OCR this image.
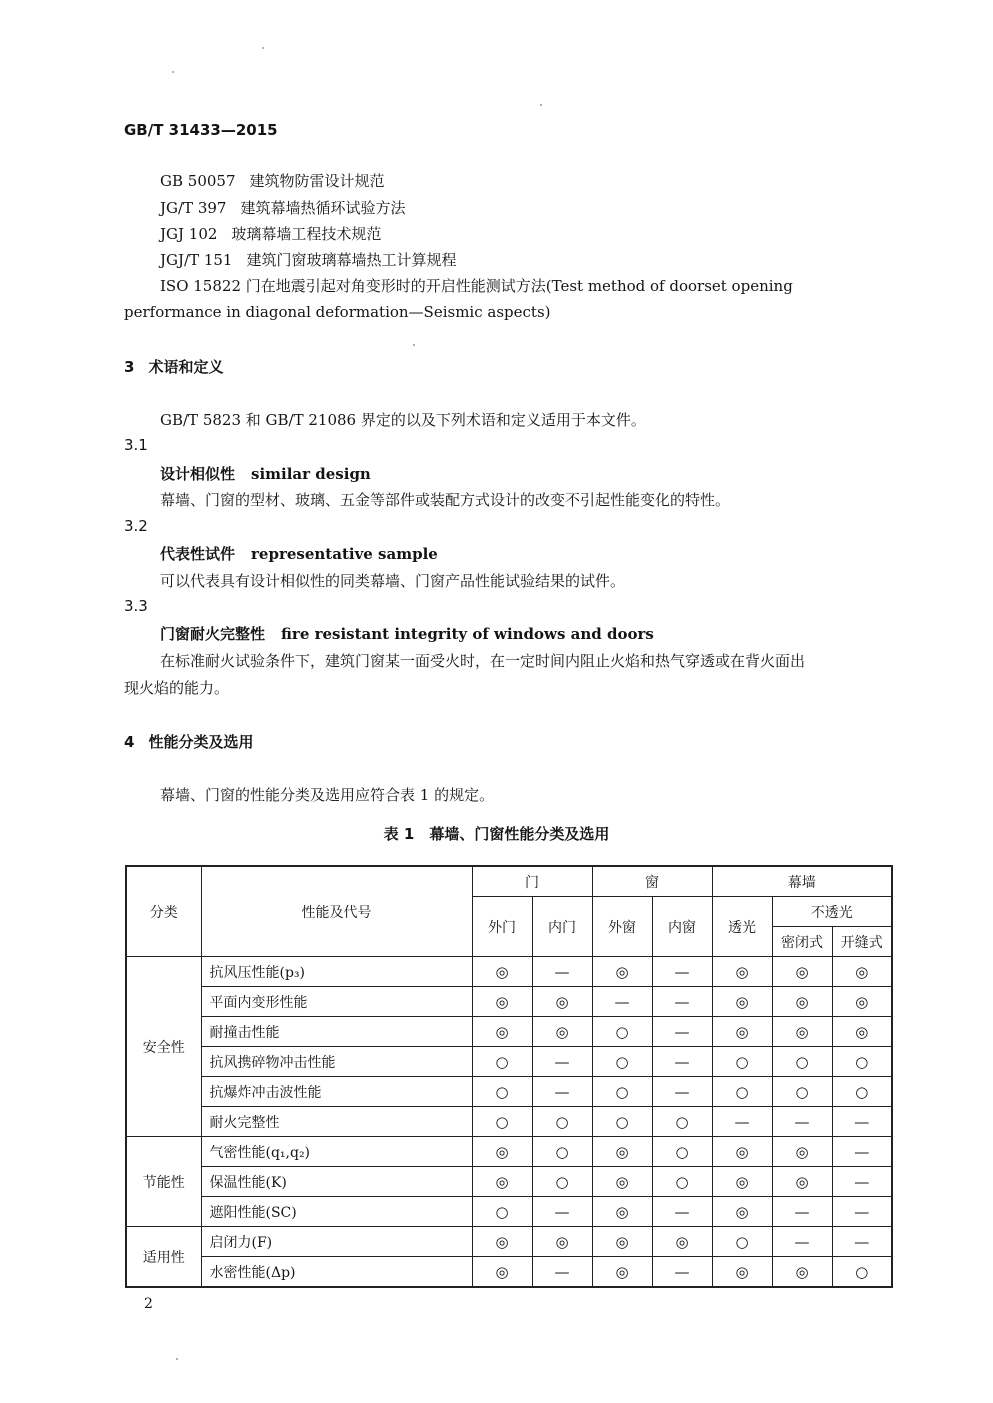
GB/T 31433—2015
GB 50057 建筑物防雷设计规范
JG/T 397 建筑幕墙热循环试验方法
JGJ 102 玻璃幕墙工程技术规范
JGJ/T 151 建筑门窗玻璃幕墙热工计算规程
ISO 15822 门在地震引起对角变形时的开启性能测试方法(Test method of doorset opening
performance in diagonal deformation—Seismic aspects)
3 术语和定义
GB/T 5823 和 GB/T 21086 界定的以及下列术语和定义适用于本文件。
3.1
设计相似性 similar design
幕墙、门窗的型材、玻璃、五金等部件或装配方式设计的改变不引起性能变化的特性。
3.2
代表性试件 representative sample
可以代表具有设计相似性的同类幕墙、门窗产品性能试验结果的试件。
3.3
门窗耐火完整性 fire resistant integrity of windows and doors
在标准耐火试验条件下，建筑门窗某一面受火时，在一定时间内阻止火焰和热气穿透或在背火面出
现火焰的能力。
4 性能分类及选用
幕墙、门窗的性能分类及选用应符合表 1 的规定。
表 1　幕墙、门窗性能分类及选用
分类	性能及代号	门		窗		幕墙		
		外门	内门	外窗	内窗	透光	不透光	
							密闭式	开缝式
安全性	抗风压性能(p₃)	◎	—	◎	—	◎	◎	◎
	平面内变形性能	◎	◎	—	—	◎	◎	◎
	耐撞击性能	◎	◎	○	—	◎	◎	◎
	抗风携碎物冲击性能	○	—	○	—	○	○	○
	抗爆炸冲击波性能	○	—	○	—	○	○	○
	耐火完整性	○	○	○	○	—	—	—
节能性	气密性能(q₁,q₂)	◎	○	◎	○	◎	◎	—
	保温性能(K)	◎	○	◎	○	◎	◎	—
	遮阳性能(SC)	○	—	◎	—	◎	—	—
适用性	启闭力(F)	◎	◎	◎	◎	○	—	—
	水密性能(Δp)	◎	—	◎	—	◎	◎	○
2
